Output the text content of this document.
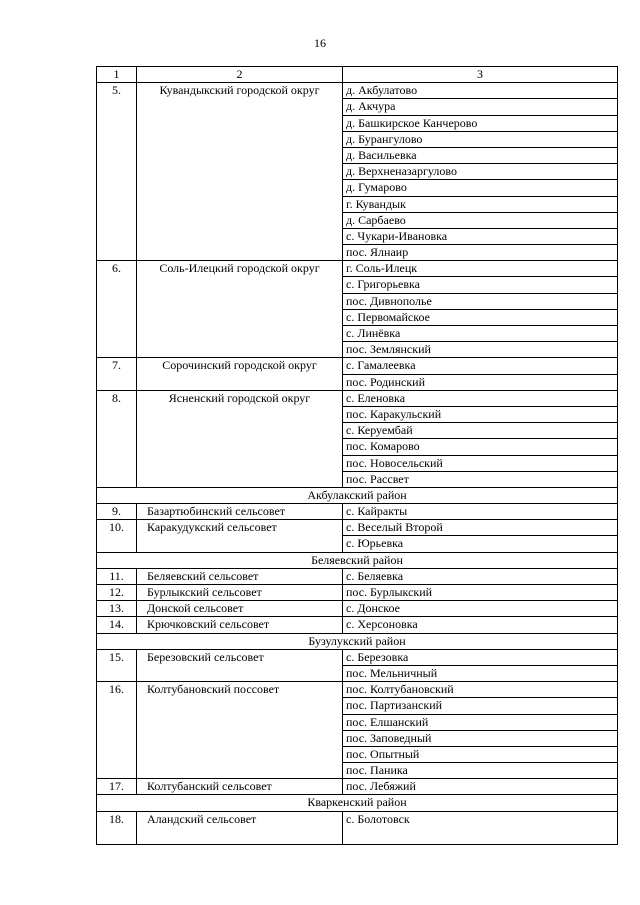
16
1	2	3
5.	Кувандыкский городской округ	д. Акбулатово
		д. Акчура
		д. Башкирское Канчерово
		д. Бурангулово
		д. Васильевка
		д. Верхненазаргулово
		д. Гумарово
		г. Кувандык
		д. Сарбаево
		с. Чукари-Ивановка
		пос. Ялнаир
6.	Соль-Илецкий городской округ	г. Соль-Илецк
		с. Григорьевка
		пос. Дивнополье
		с. Первомайское
		с. Линёвка
		пос. Землянский
7.	Сорочинский городской округ	с. Гамалеевка
		пос. Родинский
8.	Ясненский городской округ	с. Еленовка
		пос. Каракульский
		с. Керуембай
		пос. Комарово
		пос. Новосельский
		пос. Рассвет
Акбулакский район		
9.	Базартюбинский сельсовет	с. Кайракты
10.	Каракудукский сельсовет	с. Веселый Второй
		с. Юрьевка
Беляевский район		
11.	Беляевский сельсовет	с. Беляевка
12.	Бурлыкский сельсовет	пос. Бурлыкский
13.	Донской сельсовет	с. Донское
14.	Крючковский сельсовет	с. Херсоновка
Бузулукский район		
15.	Березовский сельсовет	с. Березовка
		пос. Мельничный
16.	Колтубановский поссовет	пос. Колтубановский
		пос. Партизанский
		пос. Елшанский
		пос. Заповедный
		пос. Опытный
		пос. Паника
17.	Колтубанский сельсовет	пос. Лебяжий
Кваркенский район		
18.	Аландский сельсовет	с. Болотовск
